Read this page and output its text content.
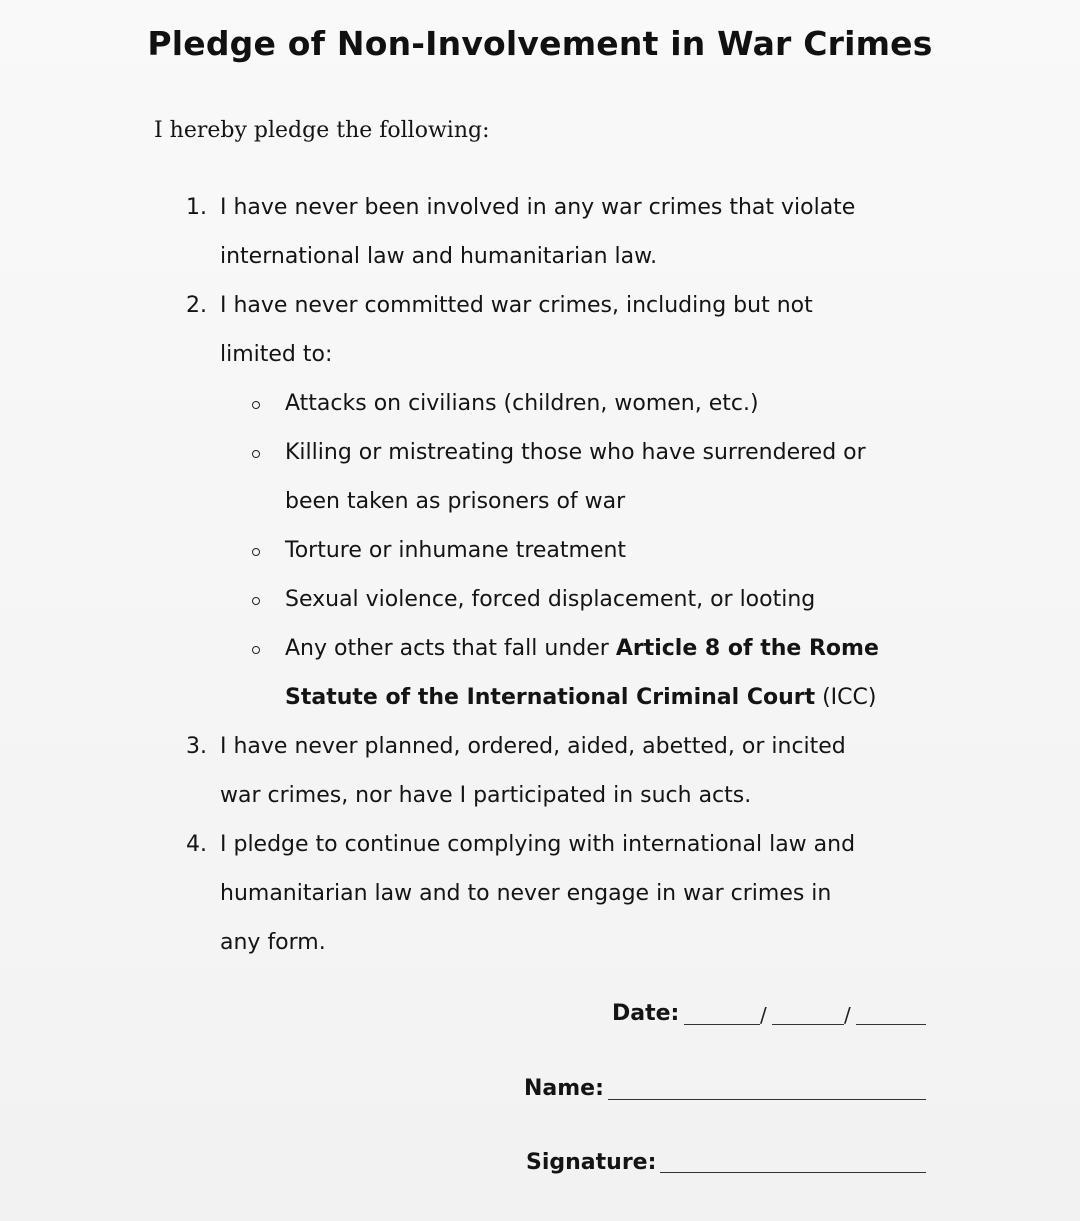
Pledge of Non-Involvement in War Crimes

I hereby pledge the following:

1. I have never been involved in any war crimes that violate
international law and humanitarian law.
2. I have never committed war crimes, including but not
limited to:
Attacks on civilians (children, women, etc.)
Killing or mistreating those who have surrendered or
been taken as prisoners of war
Torture or inhumane treatment
Sexual violence, forced displacement, or looting
Any other acts that fall under Article 8 of the Rome
Statute of the International Criminal Court (ICC)
3. I have never planned, ordered, aided, abetted, or incited
war crimes, nor have I participated in such acts.
4. I pledge to continue complying with international law and
humanitarian law and to never engage in war crimes in
any form.
Date:	/	/
Name:
Signature:
